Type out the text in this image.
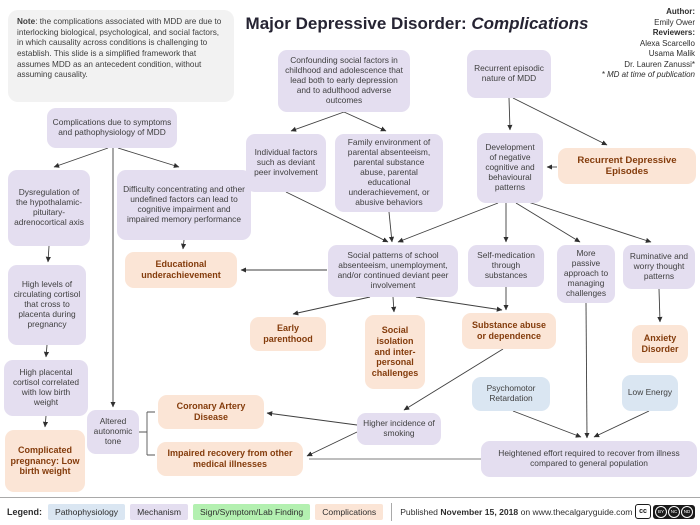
Note: the complications associated with MDD are due to interlocking biological, psychological, and social factors, in which causality across conditions is challenging to establish. This slide is a simplified framework that assumes MDD as an antecedent condition, without assuming causality.
Major Depressive Disorder: Complications
Author:
Emily Ower
Reviewers:
Alexa Scarcello
Usama Malik
Dr. Lauren Zanussi*
* MD at time of publication
Confounding social factors in childhood and adolescence that lead both to early depression and to adulthood adverse outcomes
Recurrent episodic nature of MDD
Complications due to symptoms and pathophysiology of MDD
Individual factors such as deviant peer involvement
Family environment of parental absenteeism, parental substance abuse, parental educational underachievement, or abusive behaviors
Development of negative cognitive and behavioural patterns
Recurrent Depressive Episodes
Dysregulation of the hypothalamic-pituitary-adrenocortical axis
Difficulty concentrating and other undefined factors can lead to cognitive impairment and impaired memory performance
Educational underachievement
Social patterns of school absenteeism, unemployment, and/or continued deviant peer involvement
Self-medication through substances
More passive approach to managing challenges
Ruminative and worry thought patterns
Early parenthood
Social isolation and inter-personal challenges
Substance abuse or dependence	Anxiety Disorder
Psychomotor Retardation
Low Energy
High levels of circulating cortisol that cross to placenta during pregnancy
High placental cortisol correlated with low birth weight
Complicated pregnancy: Low birth weight
Altered autonomic tone
Coronary Artery Disease
Impaired recovery from other medical illnesses
Higher incidence of smoking
Heightened effort required to recover from illness compared to general population
Legend:	Pathophysiology	Mechanism	Sign/Symptom/Lab Finding	Complications	Published November 15, 2018 on www.thecalgaryguide.com cc	BY	NC	ND
